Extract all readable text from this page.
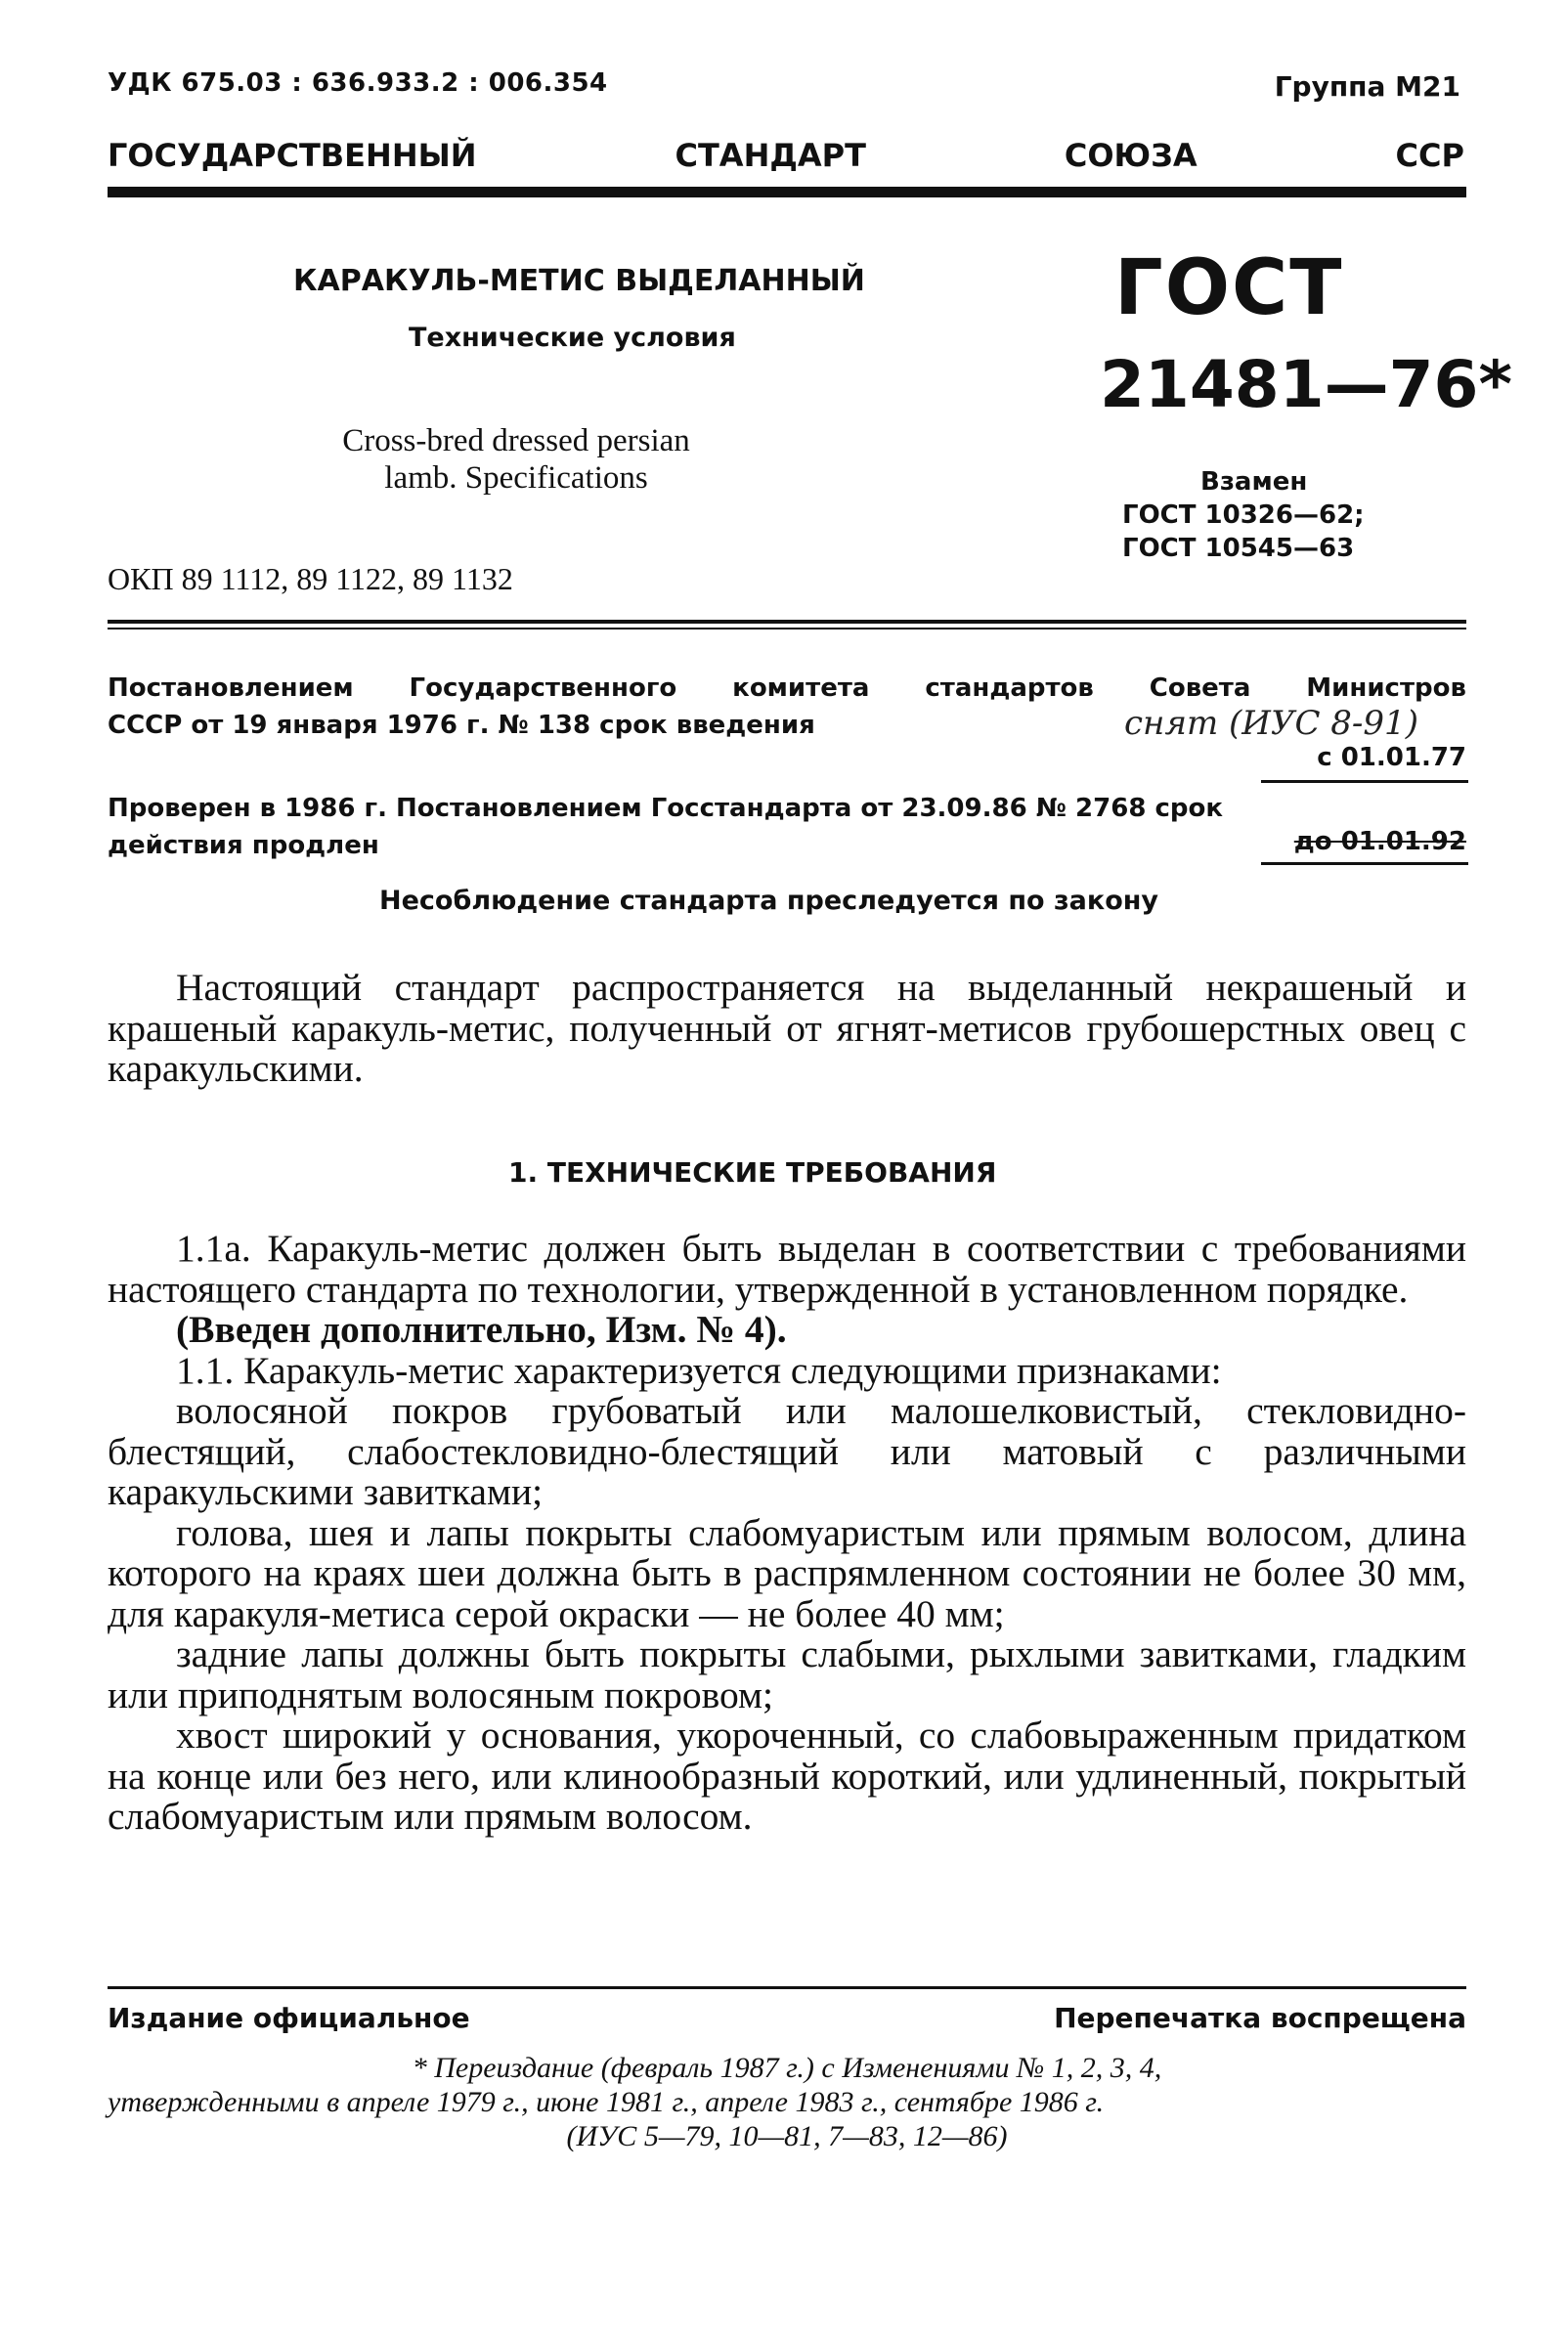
УДК 675.03 : 636.933.2 : 006.354	Группа М21
ГОСУДАРСТВЕННЫЙ	СТАНДАРТ	СОЮЗА	ССР
КАРАКУЛЬ-МЕТИС ВЫДЕЛАННЫЙ
Технические условия
Cross-bred dressed persian lamb. Specifications
ОКП 89 1112, 89 1122, 89 1132
ГОСТ
21481—76*
Взамен
ГОСТ 10326—62;
ГОСТ 10545—63
Постановлением Государственного комитета стандартов Совета Министров
СССР от 19 января 1976 г. № 138 срок введения	снят (ИУС 8-91)
с 01.01.77
Проверен в 1986 г. Постановлением Госстандарта от 23.09.86 № 2768 срок действия продлен	до 01.01.92
Несоблюдение стандарта преследуется по закону

Настоящий стандарт распространяется на выделанный некрашеный и крашеный каракуль-метис, полученный от ягнят-метисов грубошерстных овец с каракульскими.

1. ТЕХНИЧЕСКИЕ ТРЕБОВАНИЯ

1.1а. Каракуль-метис должен быть выделан в соответствии с требованиями настоящего стандарта по технологии, утвержденной в установленном порядке.

(Введен дополнительно, Изм. № 4).

1.1. Каракуль-метис характеризуется следующими признаками:

волосяной покров грубоватый или малошелковистый, стекловидно-блестящий, слабостекловидно-блестящий или матовый с различными каракульскими завитками;

голова, шея и лапы покрыты слабомуаристым или прямым волосом, длина которого на краях шеи должна быть в распрямленном состоянии не более 30 мм, для каракуля-метиса серой окраски — не более 40 мм;

задние лапы должны быть покрыты слабыми, рыхлыми завитками, гладким или приподнятым волосяным покровом;

хвост широкий у основания, укороченный, со слабовыраженным придатком на конце или без него, или клинообразный короткий, или удлиненный, покрытый слабомуаристым или прямым волосом.

Издание официальное	Перепечатка воспрещена
* Переиздание (февраль 1987 г.) с Изменениями № 1, 2, 3, 4,
утвержденными в апреле 1979 г., июне 1981 г., апреле 1983 г., сентябре 1986 г.
(ИУС 5—79, 10—81, 7—83, 12—86)
